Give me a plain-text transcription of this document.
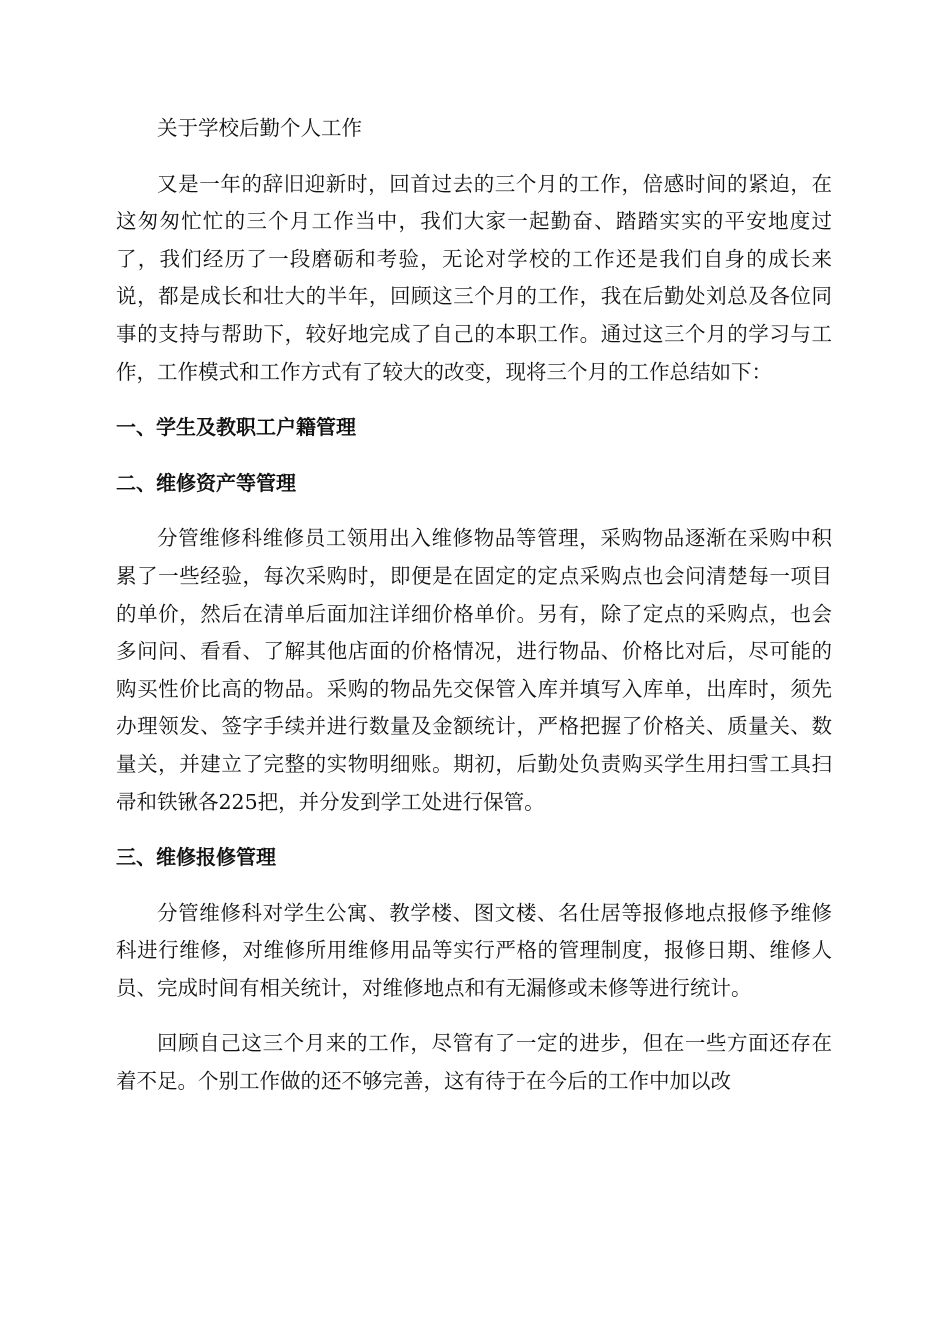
关于学校后勤个人工作

又是一年的辞旧迎新时，回首过去的三个月的工作，倍感时间的紧迫，在这匆匆忙忙的三个月工作当中，我们大家一起勤奋、踏踏实实的平安地度过了，我们经历了一段磨砺和考验，无论对学校的工作还是我们自身的成长来说，都是成长和壮大的半年，回顾这三个月的工作，我在后勤处刘总及各位同事的支持与帮助下，较好地完成了自己的本职工作。通过这三个月的学习与工作，工作模式和工作方式有了较大的改变，现将三个月的工作总结如下：

一、学生及教职工户籍管理

二、维修资产等管理

分管维修科维修员工领用出入维修物品等管理，采购物品逐渐在采购中积累了一些经验，每次采购时，即便是在固定的定点采购点也会问清楚每一项目的单价，然后在清单后面加注详细价格单价。另有，除了定点的采购点，也会多问问、看看、了解其他店面的价格情况，进行物品、价格比对后，尽可能的购买性价比高的物品。采购的物品先交保管入库并填写入库单，出库时，须先办理领发、签字手续并进行数量及金额统计，严格把握了价格关、质量关、数量关，并建立了完整的实物明细账。期初，后勤处负责购买学生用扫雪工具扫帚和铁锹各225把，并分发到学工处进行保管。

三、维修报修管理

分管维修科对学生公寓、教学楼、图文楼、名仕居等报修地点报修予维修科进行维修，对维修所用维修用品等实行严格的管理制度，报修日期、维修人员、完成时间有相关统计，对维修地点和有无漏修或未修等进行统计。

回顾自己这三个月来的工作，尽管有了一定的进步，但在一些方面还存在着不足。个别工作做的还不够完善，这有待于在今后的工作中加以改
